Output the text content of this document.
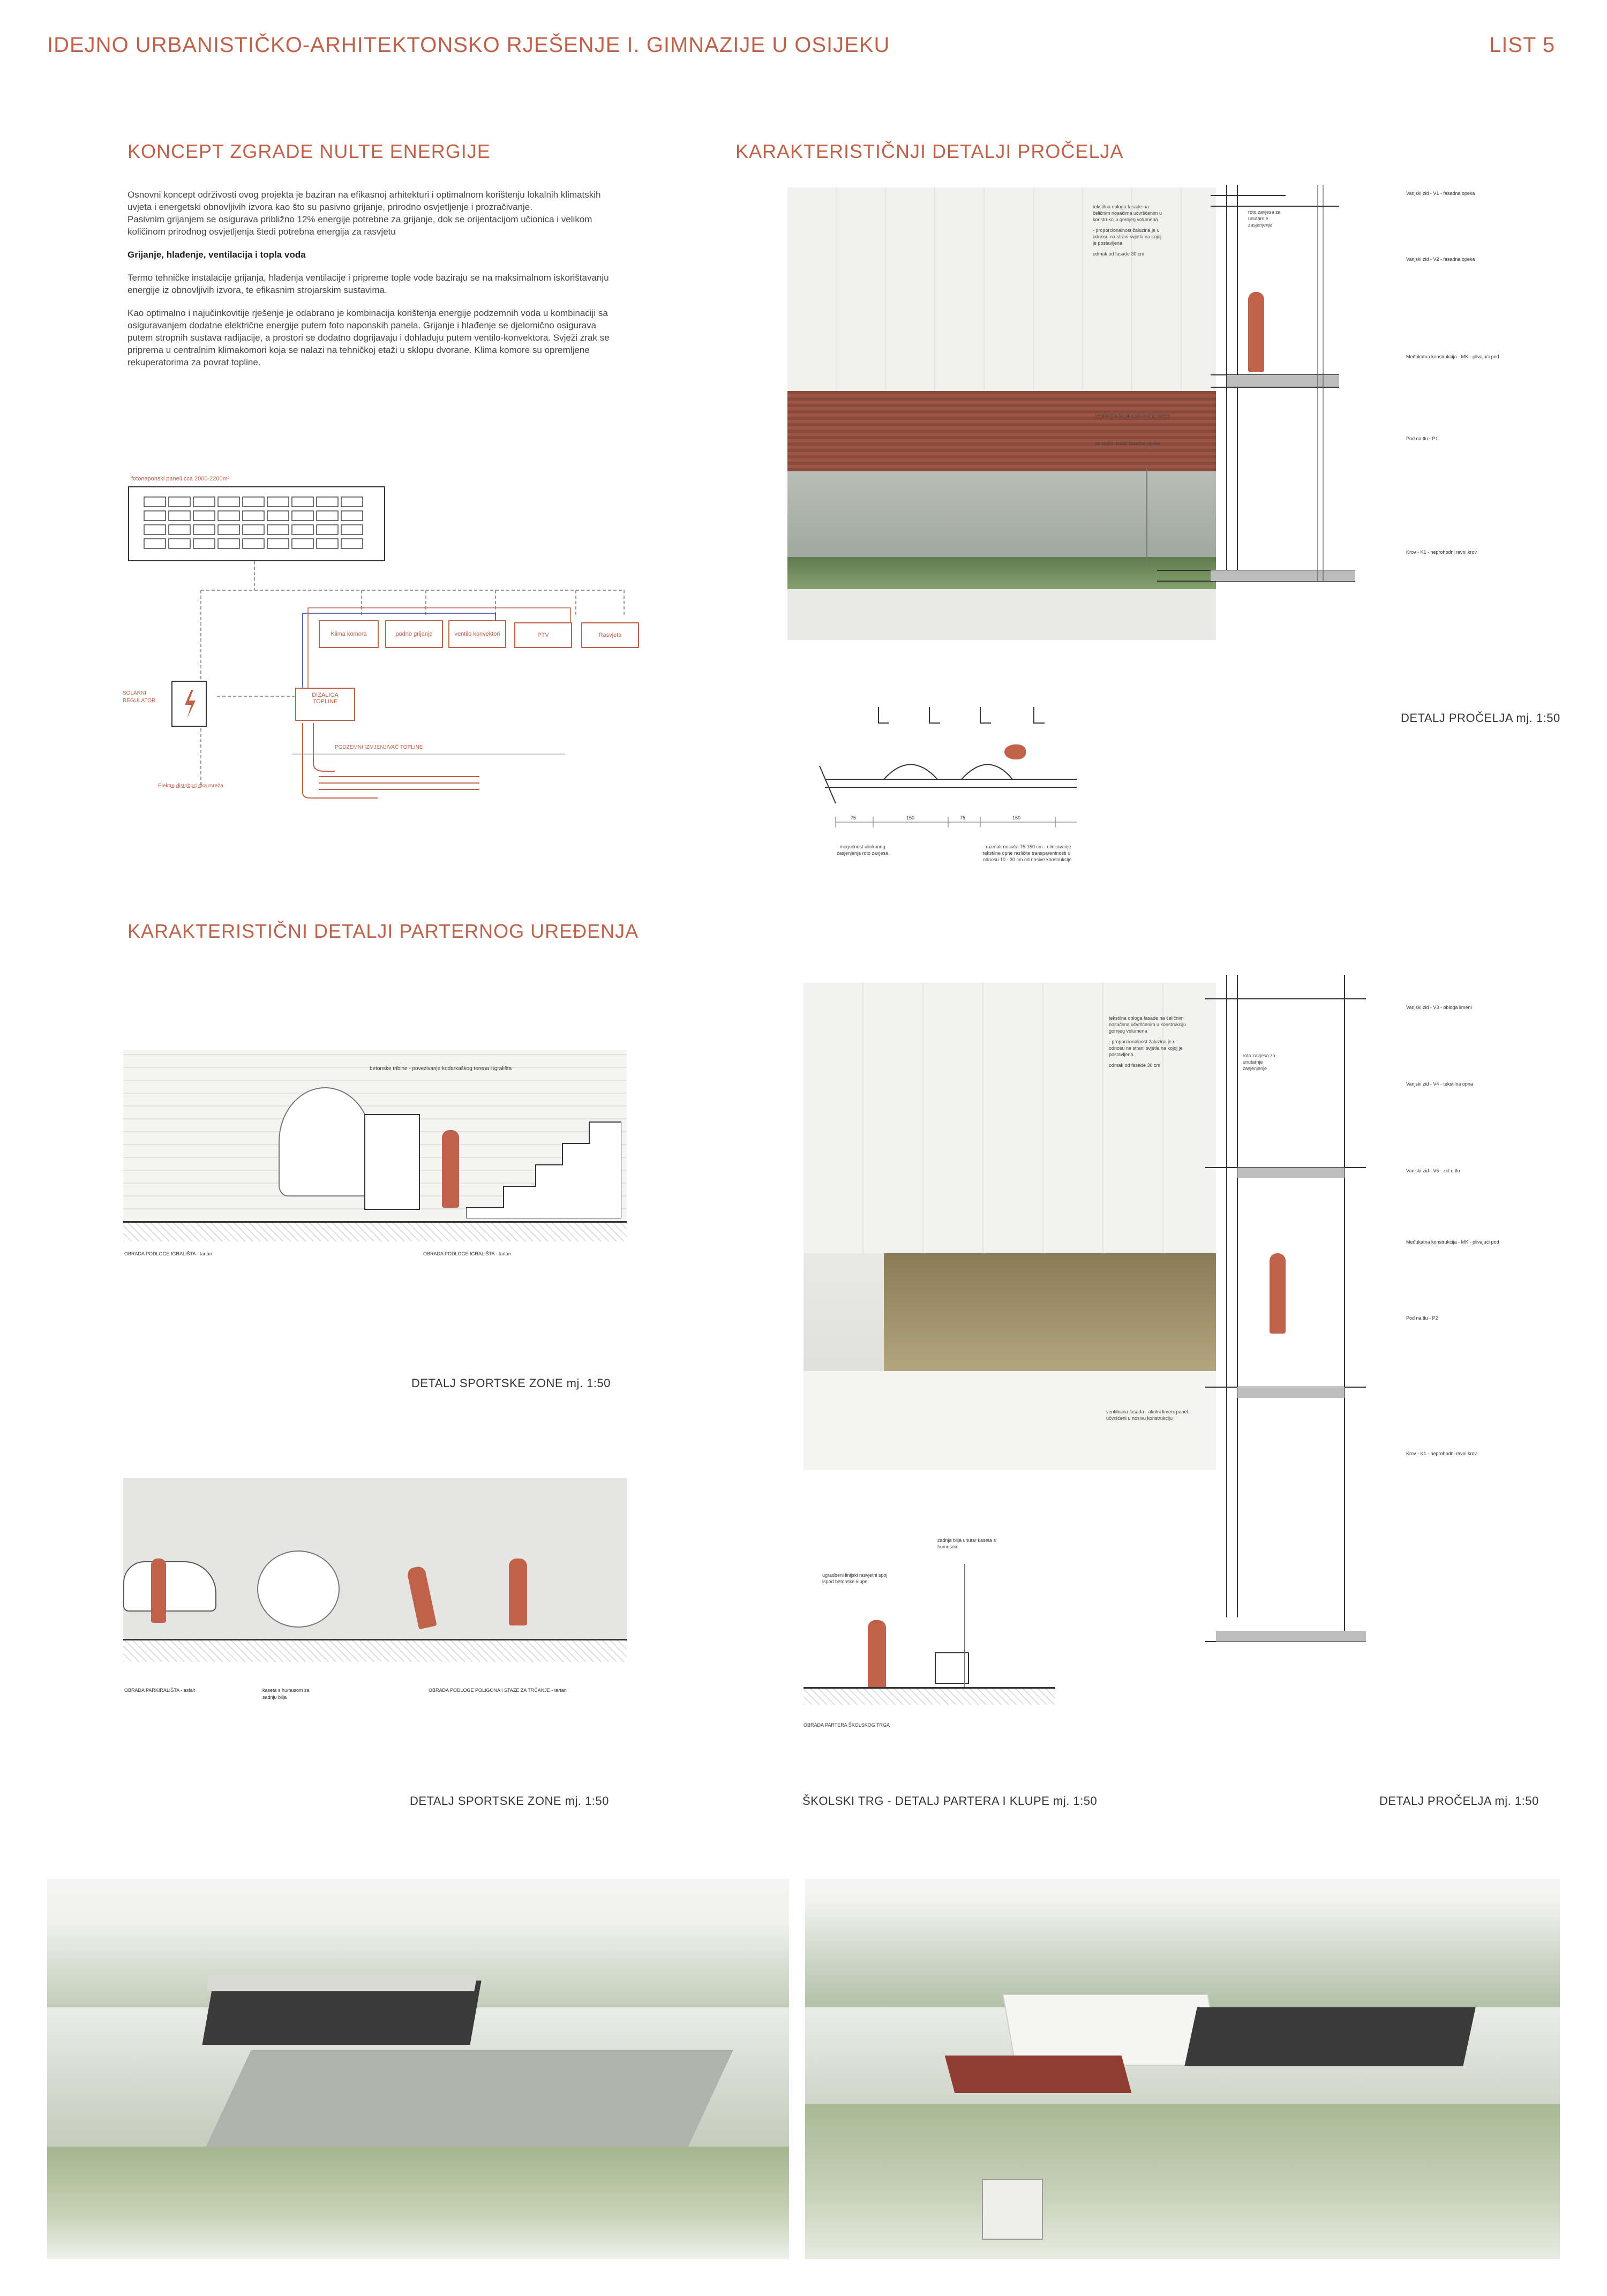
IDEJNO URBANISTIČKO-ARHITEKTONSKO RJEŠENJE I. GIMNAZIJE U OSIJEKU	LIST 5
KONCEPT ZGRADE NULTE ENERGIJE

Osnovni koncept održivosti ovog projekta je baziran na efikasnoj arhitekturi i optimalnom korištenju lokalnih klimatskih uvjeta i energetski obnovljivih izvora kao što su pasivno grijanje, prirodno osvjetljenje i prozračivanje.

Pasivnim grijanjem se osigurava približno 12% energije potrebne za grijanje, dok se orijentacijom učionica i velikom količinom prirodnog osvjetljenja štedi potrebna energija za rasvjetu

Grijanje, hlađenje, ventilacija i topla voda

Termo tehničke instalacije grijanja, hlađenja ventilacije i pripreme tople vode baziraju se na maksimalnom iskorištavanju energije iz obnovljivih izvora, te efikasnim strojarskim sustavima.

Kao optimalno i najučinkovitije rješenje je odabrano je kombinacija korištenja energije podzemnih voda u kombinaciji sa osiguravanjem dodatne električne energije putem foto naponskih panela. Grijanje i hlađenje se djelomično osigurava putem stropnih sustava radijacije, a prostori se dodatno dogrijavaju i dohlađuju putem ventilo-konvektora. Svježi zrak se priprema u centralnim klimakomori koja se nalazi na tehničkoj etaži u sklopu dvorane. Klima komore su opremljene rekuperatorima za povrat topline.

fotonaponski paneli cca 2000-2200m²
Klima komora	podno grijanje	ventilo konvektori	PTV	Rasvjeta
SOLARNI REGULATOR
DIZALICA TOPLINE
PODZEMNI IZMJENJIVAČ TOPLINE
Elektro distribucijska mreža
KARAKTERISTIČNJI DETALJI PROČELJA
tekstilna obloga fasade na čeličnim nosačima učvršćenim u konstrukciju gornjeg volumena
- proporcionalnost žaluzina je u odnosu na strani svjetla na kojoj je postavljena
odmak od fasade 30 cm
roto zavjesa za unutarnje zasjenjenje
ventilirana fasada od crvene opeke
konzolni nosač fasadne opeke
Vanjski zid - V1 - fasadna opeka
Vanjski zid - V2 - fasadna opeka
Međukatna konstrukcija - MK - plivajući pod
Pod na tlu - P1
Krov - K1 - neprohodni ravni krov
DETALJ PROČELJA mj. 1:50
75	150	75	150
- mogućnost ulinkanog zasjenjenja roto zavjesa
- razmak nosača 75-150 cm - ulinkavanje tekstilne opne različite transparentnosti u odnosu 10 - 30 cm od nosive konstrukcije
tekstilna obloga fasade na čeličnim nosačima učvršćenim u konstrukciju gornjeg volumena
- proporcionalnost žaluzina je u odnosu na strani svjetla na kojoj je postavljena
odmak od fasade 30 cm
roto zavjesa za unutarnje zasjenjenje
ventilirana fasada - akrilni limeni panel učvršćeni u nosivu konstrukciju
Vanjski zid - V3 - obloga limeni
Vanjski zid - V4 - tekstilna opna
Vanjski zid - V5 - zid u tlu
Međukatna konstrukcija - MK - plivajući pod
Pod na tlu - P2
Krov - K1 - neprohodni ravni krov
DETALJ PROČELJA mj. 1:50
KARAKTERISTIČNI DETALJI PARTERNOG UREĐENJA
betonske tribine - povezivanje kodarkaškog terena i igrališta
OBRADA PODLOGE IGRALIŠTA - tartan	OBRADA PODLOGE IGRALIŠTA - tartan
DETALJ SPORTSKE ZONE mj. 1:50
OBRADA PARKIRALIŠTA - asfalt	kaseta s humusom za sadnju bilja
OBRADA PODLOGE POLIGONA I STAZE ZA TRČANJE - tartan
DETALJ SPORTSKE ZONE mj. 1:50
zadnja bilja unutar kaseta s humusom
ugradbeni linijski rasvjetni spoj ispod betonske klupe
OBRADA PARTERA ŠKOLSKOG TRGA
ŠKOLSKI TRG - DETALJ PARTERA I KLUPE mj. 1:50
